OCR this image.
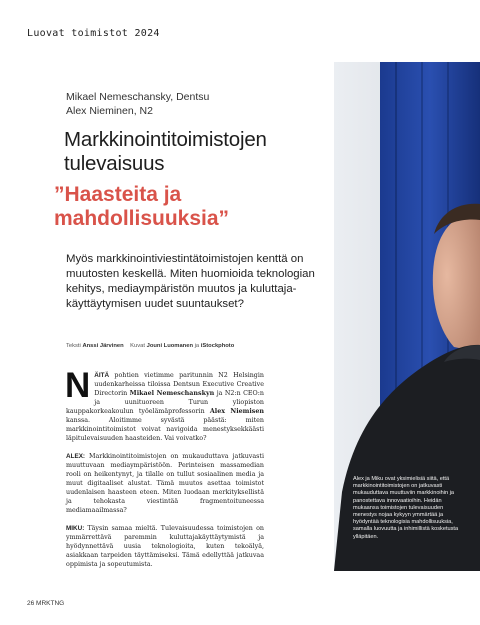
Luovat toimistot 2024
Mikael Nemeschansky, Dentsu
Alex Nieminen, N2
Markkinointitoimistojen tulevaisuus
”Haasteita ja mahdollisuuksia”
Myös markkinointiviestintätoimistojen kenttä on muutosten keskellä. Miten huomioida teknologian kehitys, mediaympäristön muutos ja kuluttajakäyttäytymisen uudet suuntaukset?
Teksti Anssi Järvinen Kuvat Jouni Luomanen ja iStockphoto

NÄITÄ pohtien vietimme paritunnin N2 Helsingin uudenkarheissa tiloissa Dentsun Executive Creative Directorin Mikael Nemeschanskyn ja N2:n CEO:n ja uunituoreen Turun yliopiston kauppakorkeakoulun työelämäprofessorin Alex Niemisen kanssa. Aloitimme syvästä päästä: miten markkinointitoimistot voivat navigoida menestyksekkäästi läpitulevaisuuden haasteiden. Vai voivatko?

ALEX: Markkinointitoimistojen on mukauduttava jatkuvasti muuttuvaan mediaympäristöön. Perinteisen massamedian rooli on heikentynyt, ja tilalle on tullut sosiaalinen media ja muut digitaaliset alustat. Tämä muutos asettaa toimistot uudenlaisen haasteen eteen. Miten luodaan merkityksellistä ja tehokasta viestintää fragmentoituneessa mediamaailmassa?

MIKU: Täysin samaa mieltä. Tulevaisuudessa toimistojen on ymmärrettävä paremmin kuluttajakäyttäytymistä ja hyödynnettävä uusia teknologioita, kuten tekoälyä, asiakkaan tarpeiden täyttämiseksi. Tämä edellyttää jatkuvaa oppimista ja sopeutumista.

Alex ja Miku ovat yksimielisiä siitä, että markkinointitoimistojen on jatkuvasti mukauduttava muuttuviin markkinoihin ja panostettava innovaatioihin. Heidän mukaansa toimistojen tulevaisuuden menestys nojaa kykyyn ymmärtää ja hyödyntää teknologisia mahdollisuuksia, samalla luovuutta ja inhimillistä kosketusta ylläpitäen.
26 MRKTNG
